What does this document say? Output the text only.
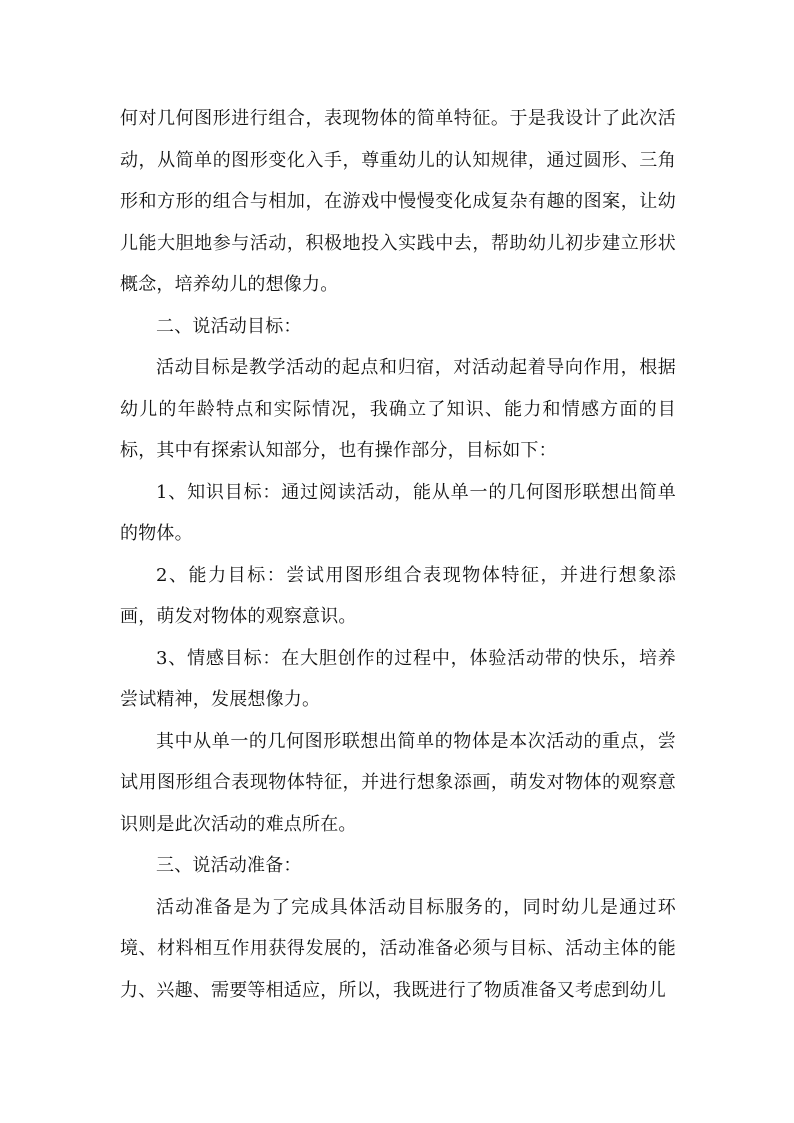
何对几何图形进行组合，表现物体的简单特征。于是我设计了此次活动，从简单的图形变化入手，尊重幼儿的认知规律，通过圆形、三角形和方形的组合与相加，在游戏中慢慢变化成复杂有趣的图案，让幼儿能大胆地参与活动，积极地投入实践中去，帮助幼儿初步建立形状概念，培养幼儿的想像力。

二、说活动目标：

活动目标是教学活动的起点和归宿，对活动起着导向作用，根据幼儿的年龄特点和实际情况，我确立了知识、能力和情感方面的目标，其中有探索认知部分，也有操作部分，目标如下：

1、知识目标：通过阅读活动，能从单一的几何图形联想出简单的物体。

2、能力目标：尝试用图形组合表现物体特征，并进行想象添画，萌发对物体的观察意识。

3、情感目标：在大胆创作的过程中，体验活动带的快乐，培养尝试精神，发展想像力。

其中从单一的几何图形联想出简单的物体是本次活动的重点，尝试用图形组合表现物体特征，并进行想象添画，萌发对物体的观察意识则是此次活动的难点所在。

三、说活动准备：

活动准备是为了完成具体活动目标服务的，同时幼儿是通过环境、材料相互作用获得发展的，活动准备必须与目标、活动主体的能力、兴趣、需要等相适应，所以，我既进行了物质准备又考虑到幼儿
